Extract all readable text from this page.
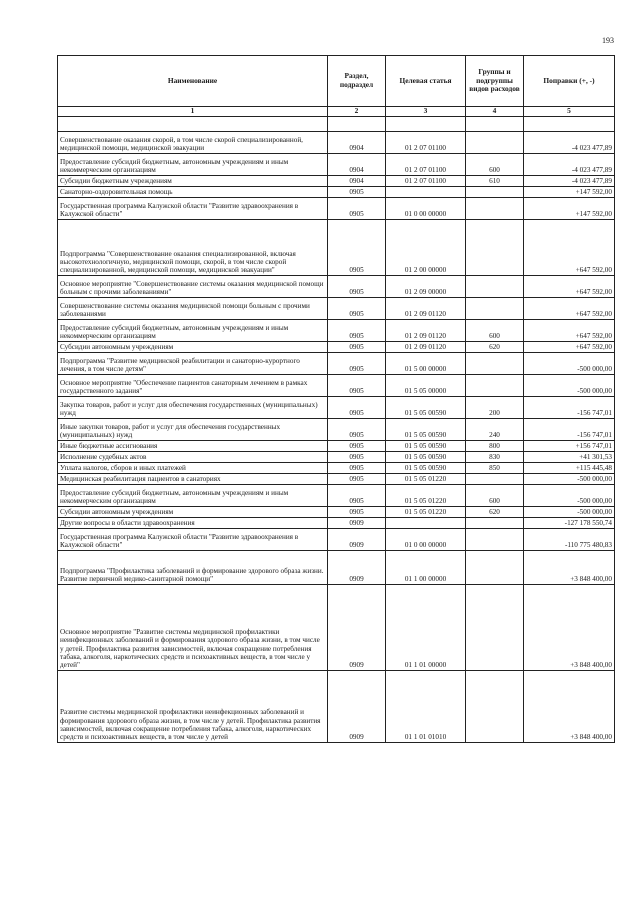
193
Наименование	Раздел, подраздел	Целевая статья	Группы и подгруппы видов расходов	Поправки (+, -)
1	2	3	4	5

Совершенствование оказания скорой, в том числе скорой специализированной, медицинской помощи, медицинской эвакуации	0904	01 2 07 01100		-4 023 477,89
Предоставление субсидий бюджетным, автономным учреждениям и иным некоммерческим организациям	0904	01 2 07 01100	600	-4 023 477,89
Субсидии бюджетным учреждениям	0904	01 2 07 01100	610	-4 023 477,89
Санаторно-оздоровительная помощь	0905			+147 592,00
Государственная программа Калужской области "Развитие здравоохранения в Калужской области"	0905	01 0 00 00000		+147 592,00
Подпрограмма "Совершенствование оказания специализированной, включая высокотехнологичную, медицинской помощи, скорой, в том числе скорой специализированной, медицинской помощи, медицинской эвакуации"	0905	01 2 00 00000		+647 592,00
Основное мероприятие "Совершенствование системы оказания медицинской помощи больным с прочими заболеваниями"	0905	01 2 09 00000		+647 592,00
Совершенствование системы оказания медицинской помощи больным с прочими заболеваниями	0905	01 2 09 01120		+647 592,00
Предоставление субсидий бюджетным, автономным учреждениям и иным некоммерческим организациям	0905	01 2 09 01120	600	+647 592,00
Субсидии автономным учреждениям	0905	01 2 09 01120	620	+647 592,00
Подпрограмма "Развитие медицинской реабилитации и санаторно-курортного лечения, в том числе детям"	0905	01 5 00 00000		-500 000,00
Основное мероприятие "Обеспечение пациентов санаторным лечением в рамках государственного задания"	0905	01 5 05 00000		-500 000,00
Закупка товаров, работ и услуг для обеспечения государственных (муниципальных) нужд	0905	01 5 05 00590	200	-156 747,01
Иные закупки товаров, работ и услуг для обеспечения государственных (муниципальных) нужд	0905	01 5 05 00590	240	-156 747,01
Иные бюджетные ассигнования	0905	01 5 05 00590	800	+156 747,01
Исполнение судебных актов	0905	01 5 05 00590	830	+41 301,53
Уплата налогов, сборов и иных платежей	0905	01 5 05 00590	850	+115 445,48
Медицинская реабилитация пациентов в санаториях	0905	01 5 05 01220		-500 000,00
Предоставление субсидий бюджетным, автономным учреждениям и иным некоммерческим организациям	0905	01 5 05 01220	600	-500 000,00
Субсидии автономным учреждениям	0905	01 5 05 01220	620	-500 000,00
Другие вопросы в области здравоохранения	0909			-127 178 550,74
Государственная программа Калужской области "Развитие здравоохранения в Калужской области"	0909	01 0 00 00000		-110 775 480,83
Подпрограмма "Профилактика заболеваний и формирование здорового образа жизни. Развитие первичной медико-санитарной помощи"	0909	01 1 00 00000		+3 848 400,00
Основное мероприятие "Развитие системы медицинской профилактики неинфекционных заболеваний и формирования здорового образа жизни, в том числе у детей. Профилактика развития зависимостей, включая сокращение потребления табака, алкоголя, наркотических средств и психоактивных веществ, в том числе у детей"	0909	01 1 01 00000		+3 848 400,00
Развитие системы медицинской профилактики неинфекционных заболеваний и формирования здорового образа жизни, в том числе у детей. Профилактика развития зависимостей, включая сокращение потребления табака, алкоголя, наркотических средств и психоактивных веществ, в том числе у детей	0909	01 1 01 01010		+3 848 400,00
